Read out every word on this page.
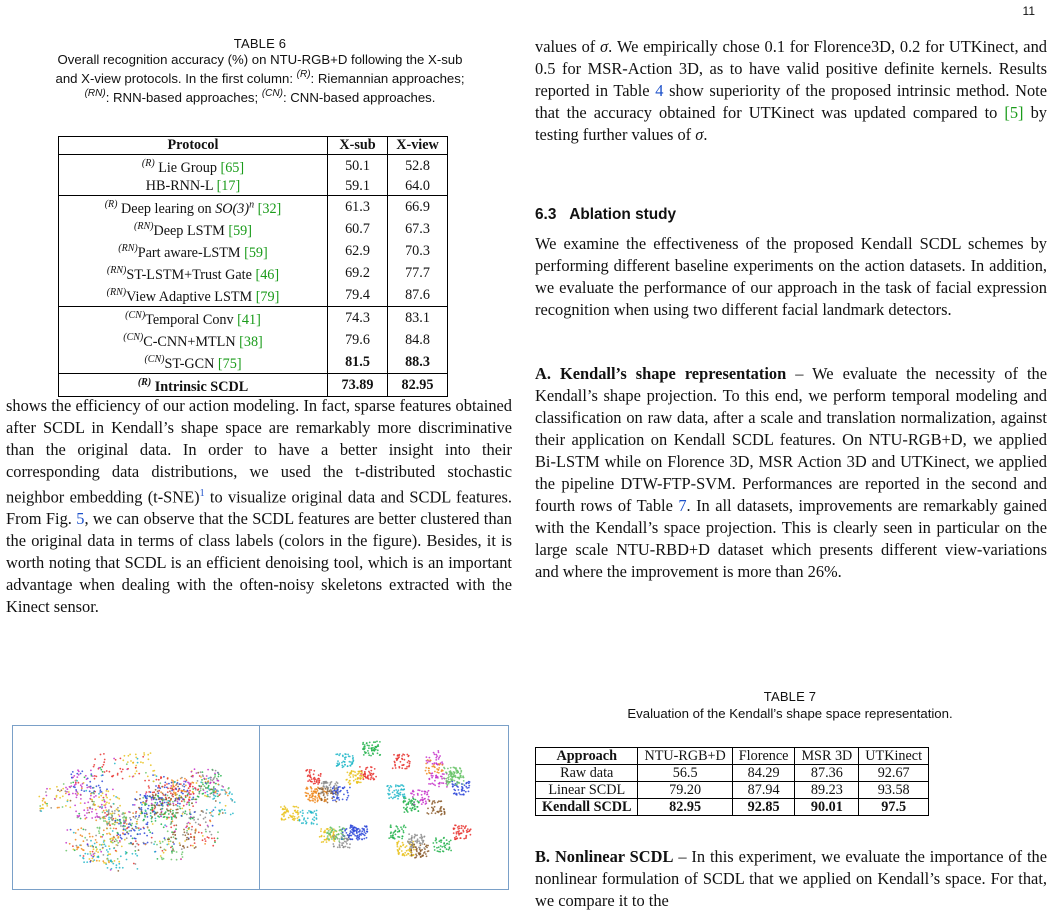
11
TABLE 6
Overall recognition accuracy (%) on NTU-RGB+D following the X-sub
and X-view protocols. In the first column: $^{(R)}$: Riemannian approaches;
$^{(RN)}$: RNN-based approaches; $^{(CN)}$: CNN-based approaches.
Protocol	X-sub	X-view
$^{(R)}$ Lie Group [65]	50.1	52.8
HB-RNN-L [17]	59.1	64.0
$^{(R)}$ Deep learing on $SO(3)^n$ [32]	61.3	66.9
$^{(RN)}$Deep LSTM [59]	60.7	67.3
$^{(RN)}$Part aware-LSTM [59]	62.9	70.3
$^{(RN)}$ST-LSTM+Trust Gate [46]	69.2	77.7
$^{(RN)}$View Adaptive LSTM [79]	79.4	87.6
$^{(CN)}$Temporal Conv [41]	74.3	83.1
$^{(CN)}$C-CNN+MTLN [38]	79.6	84.8
$^{(CN)}$ST-GCN [75]	81.5	88.3
$^{(R)}$ Intrinsic SCDL	73.89	82.95

shows the efficiency of our action modeling. In fact, sparse features obtained after SCDL in Kendall’s shape space are remarkably more discriminative than the original data. In order to have a better insight into their corresponding data distributions, we used the t-distributed stochastic neighbor embedding (t-SNE)$^1$ to visualize original data and SCDL features. From Fig. 5, we can observe that the SCDL features are better clustered than the original data in terms of class labels (colors in the figure). Besides, it is worth noting that SCDL is an efficient denoising tool, which is an important advantage when dealing with the often-noisy skeletons extracted with the Kinect sensor.

values of σ. We empirically chose 0.1 for Florence3D, 0.2 for UTKinect, and 0.5 for MSR-Action 3D, as to have valid positive definite kernels. Results reported in Table 4 show superiority of the proposed intrinsic method. Note that the accuracy obtained for UTKinect was updated compared to [5] by testing further values of σ.

6.3 Ablation study
We examine the effectiveness of the proposed Kendall SCDL schemes by performing different baseline experiments on the action datasets. In addition, we evaluate the performance of our approach in the task of facial expression recognition when using two different facial landmark detectors.

A. Kendall’s shape representation – We evaluate the necessity of the Kendall’s shape projection. To this end, we perform temporal modeling and classification on raw data, after a scale and translation normalization, against their application on Kendall SCDL features. On NTU-RGB+D, we applied Bi-LSTM while on Florence 3D, MSR Action 3D and UTKinect, we applied the pipeline DTW-FTP-SVM. Performances are reported in the second and fourth rows of Table 7. In all datasets, improvements are remarkably gained with the Kendall’s space projection. This is clearly seen in particular on the large scale NTU-RBD+D dataset which presents different view-variations and where the improvement is more than 26%.

TABLE 7
Evaluation of the Kendall’s shape space representation.
Approach	NTU-RGB+D	Florence	MSR 3D	UTKinect
Raw data	56.5	84.29	87.36	92.67
Linear SCDL	79.20	87.94	89.23	93.58
Kendall SCDL	82.95	92.85	90.01	97.5

B. Nonlinear SCDL – In this experiment, we evaluate the importance of the nonlinear formulation of SCDL that we applied on Kendall’s space. For that, we compare it to the
